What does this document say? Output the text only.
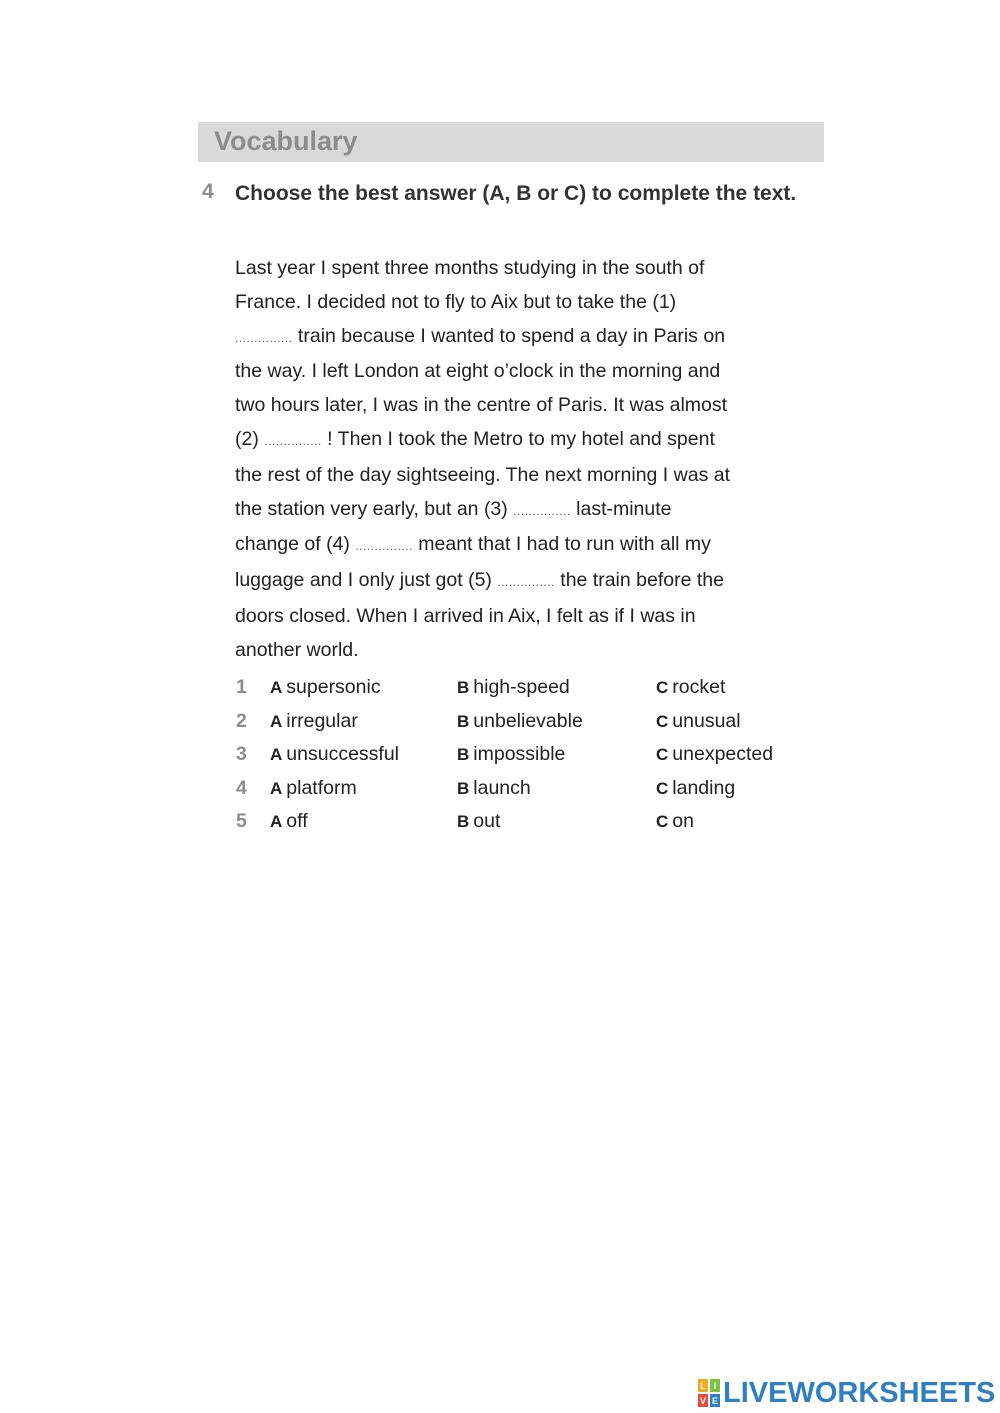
Vocabulary
4 Choose the best answer (A, B or C) to complete the text.
Last year I spent three months studying in the south of
France. I decided not to fly to Aix but to take the (1)
............... train because I wanted to spend a day in Paris on
the way. I left London at eight o’clock in the morning and
two hours later, I was in the centre of Paris. It was almost
(2) ............... ! Then I took the Metro to my hotel and spent
the rest of the day sightseeing. The next morning I was at
the station very early, but an (3) ............... last-minute
change of (4) ............... meant that I had to run with all my
luggage and I only just got (5) ............... the train before the
doors closed. When I arrived in Aix, I felt as if I was in
another world.
1 A supersonic	B high-speed	C rocket
2 A irregular	B unbelievable	C unusual
3 A unsuccessful	B impossible	C unexpected
4 A platform	B launch	C landing
5 A off	B out	C on
L I
V E LIVEWORKSHEETS
